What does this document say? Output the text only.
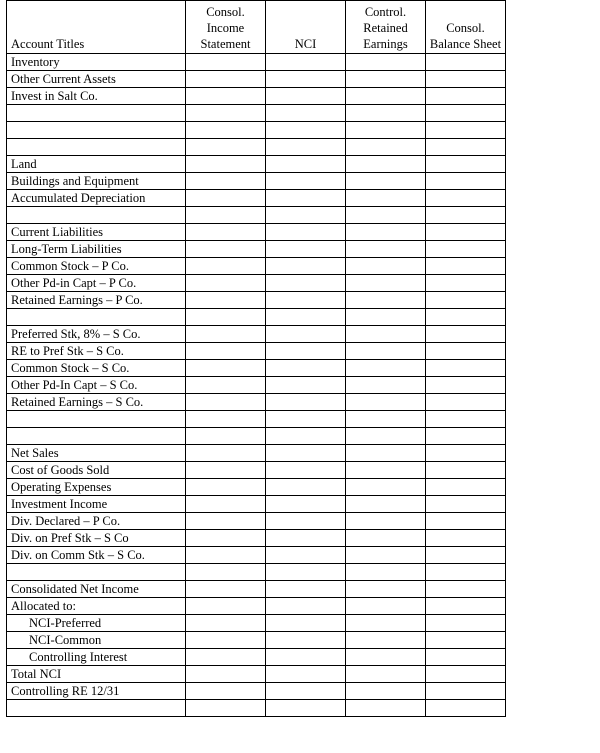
Account Titles	Consol. Income Statement	NCI	Control. Retained Earnings	Consol. Balance Sheet
Inventory				
Other Current Assets				
Invest in Salt Co.				

Land				
Buildings and Equipment				
Accumulated Depreciation				

Current Liabilities				
Long-Term Liabilities				
Common Stock – P Co.				
Other Pd-in Capt – P Co.				
Retained Earnings – P Co.				

Preferred Stk, 8% – S Co.				
RE to Pref Stk – S Co.				
Common Stock – S Co.				
Other Pd-In Capt – S Co.				
Retained Earnings – S Co.				

Net Sales				
Cost of Goods Sold				
Operating Expenses				
Investment Income				
Div. Declared – P Co.				
Div. on Pref Stk – S Co				
Div. on Comm Stk – S Co.				

Consolidated Net Income				
Allocated to:				
NCI-Preferred				
NCI-Common				
Controlling Interest				
Total NCI				
Controlling RE 12/31				
